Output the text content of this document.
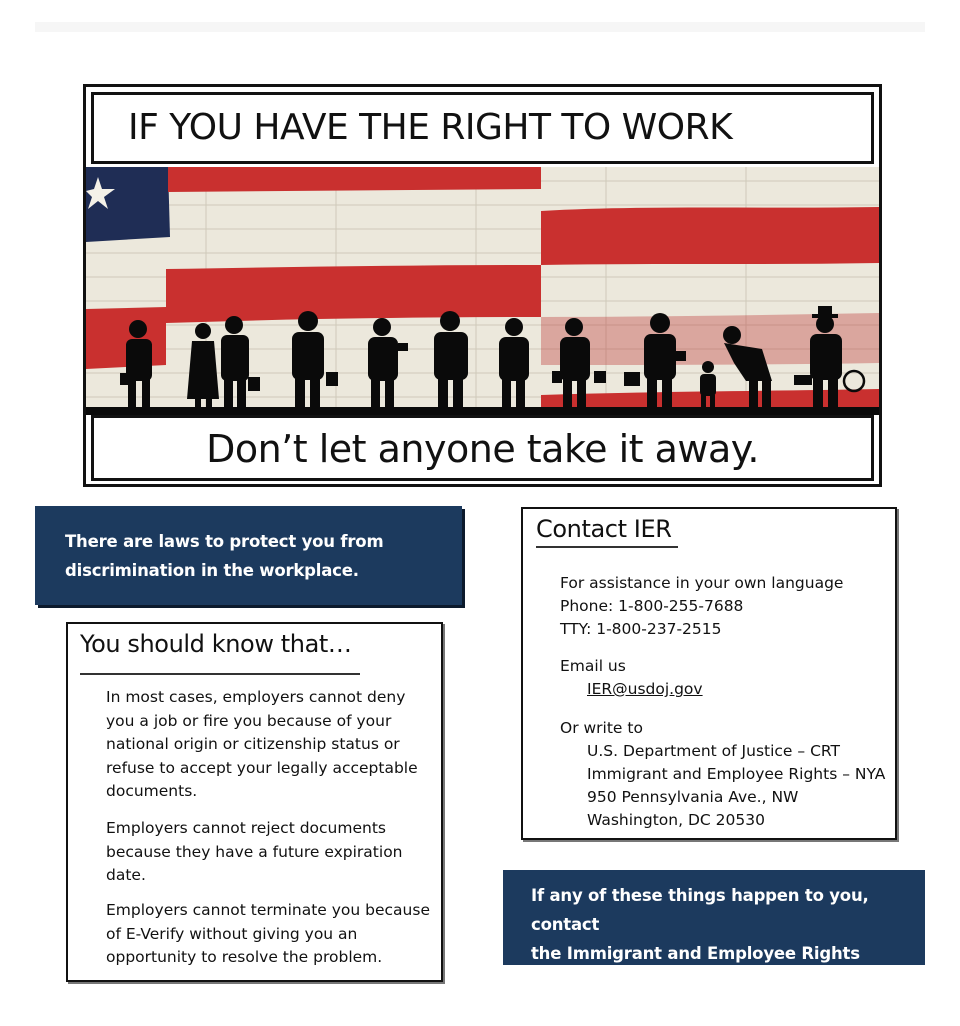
IF YOU HAVE THE RIGHT TO WORK
Don’t let anyone take it away.

There are laws to protect you from
discrimination in the workplace.

You should know that…

In most cases, employers cannot deny
you a job or fire you because of your
national origin or citizenship status or
refuse to accept your legally acceptable
documents.

Employers cannot reject documents
because they have a future expiration
date.

Employers cannot terminate you because
of E-Verify without giving you an
opportunity to resolve the problem.

Contact IER

For assistance in your own language
Phone: 1-800-255-7688
TTY: 1-800-237-2515

Email us

IER@usdoj.gov

Or write to

U.S. Department of Justice – CRT
Immigrant and Employee Rights – NYA
950 Pennsylvania Ave., NW
Washington, DC 20530

If any of these things happen to you, contact
the Immigrant and Employee Rights Section
(IER).
